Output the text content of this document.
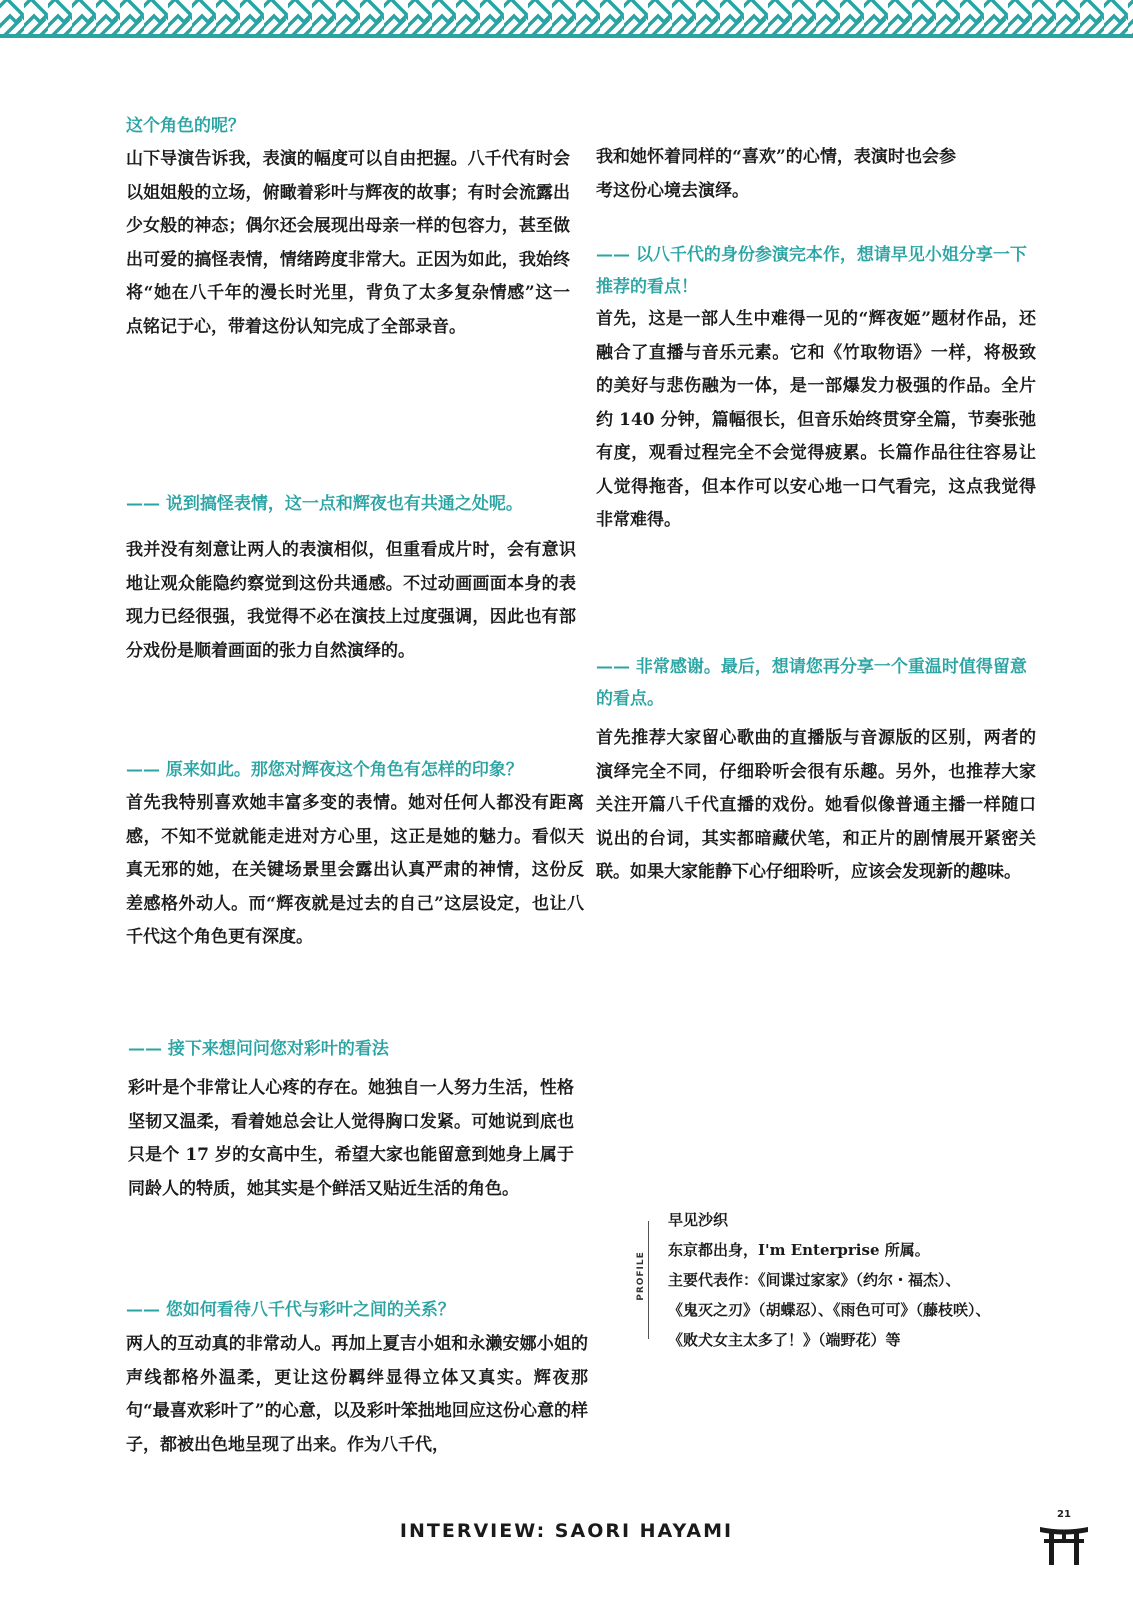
这个角色的呢？

山下导演告诉我，表演的幅度可以自由把握。八千代有时会以姐姐般的立场，俯瞰着彩叶与辉夜的故事；有时会流露出少女般的神态；偶尔还会展现出母亲一样的包容力，甚至做出可爱的搞怪表情，情绪跨度非常大。正因为如此，我始终将“她在八千年的漫长时光里，背负了太多复杂情感”这一点铭记于心，带着这份认知完成了全部录音。

—— 说到搞怪表情，这一点和辉夜也有共通之处呢。

我并没有刻意让两人的表演相似，但重看成片时，会有意识地让观众能隐约察觉到这份共通感。不过动画画面本身的表现力已经很强，我觉得不必在演技上过度强调，因此也有部分戏份是顺着画面的张力自然演绎的。

—— 原来如此。那您对辉夜这个角色有怎样的印象？

首先我特别喜欢她丰富多变的表情。她对任何人都没有距离感，不知不觉就能走进对方心里，这正是她的魅力。看似天真无邪的她，在关键场景里会露出认真严肃的神情，这份反差感格外动人。而“辉夜就是过去的自己”这层设定，也让八千代这个角色更有深度。

—— 接下来想问问您对彩叶的看法

彩叶是个非常让人心疼的存在。她独自一人努力生活，性格坚韧又温柔，看着她总会让人觉得胸口发紧。可她说到底也只是个 17 岁的女高中生，希望大家也能留意到她身上属于同龄人的特质，她其实是个鲜活又贴近生活的角色。

—— 您如何看待八千代与彩叶之间的关系？

两人的互动真的非常动人。再加上夏吉小姐和永濑安娜小姐的声线都格外温柔，更让这份羁绊显得立体又真实。辉夜那句“最喜欢彩叶了”的心意，以及彩叶笨拙地回应这份心意的样子，都被出色地呈现了出来。作为八千代，

我和她怀着同样的“喜欢”的心情，表演时也会参考这份心境去演绎。

—— 以八千代的身份参演完本作，想请早见小姐分享一下推荐的看点！

首先，这是一部人生中难得一见的“辉夜姬”题材作品，还融合了直播与音乐元素。它和《竹取物语》一样，将极致的美好与悲伤融为一体，是一部爆发力极强的作品。全片约 140 分钟，篇幅很长，但音乐始终贯穿全篇，节奏张弛有度，观看过程完全不会觉得疲累。长篇作品往往容易让人觉得拖沓，但本作可以安心地一口气看完，这点我觉得非常难得。

—— 非常感谢。最后，想请您再分享一个重温时值得留意的看点。

首先推荐大家留心歌曲的直播版与音源版的区别，两者的演绎完全不同，仔细聆听会很有乐趣。另外，也推荐大家关注开篇八千代直播的戏份。她看似像普通主播一样随口说出的台词，其实都暗藏伏笔，和正片的剧情展开紧密关联。如果大家能静下心仔细聆听，应该会发现新的趣味。

PROFILE
早见沙织
东京都出身，I'm Enterprise 所属。
主要代表作：《间谍过家家》（约尔・福杰）、
《鬼灭之刃》（胡蝶忍）、《雨色可可》（藤枝咲）、
《败犬女主太多了！》（端野花）等
INTERVIEW: SAORI HAYAMI
21
